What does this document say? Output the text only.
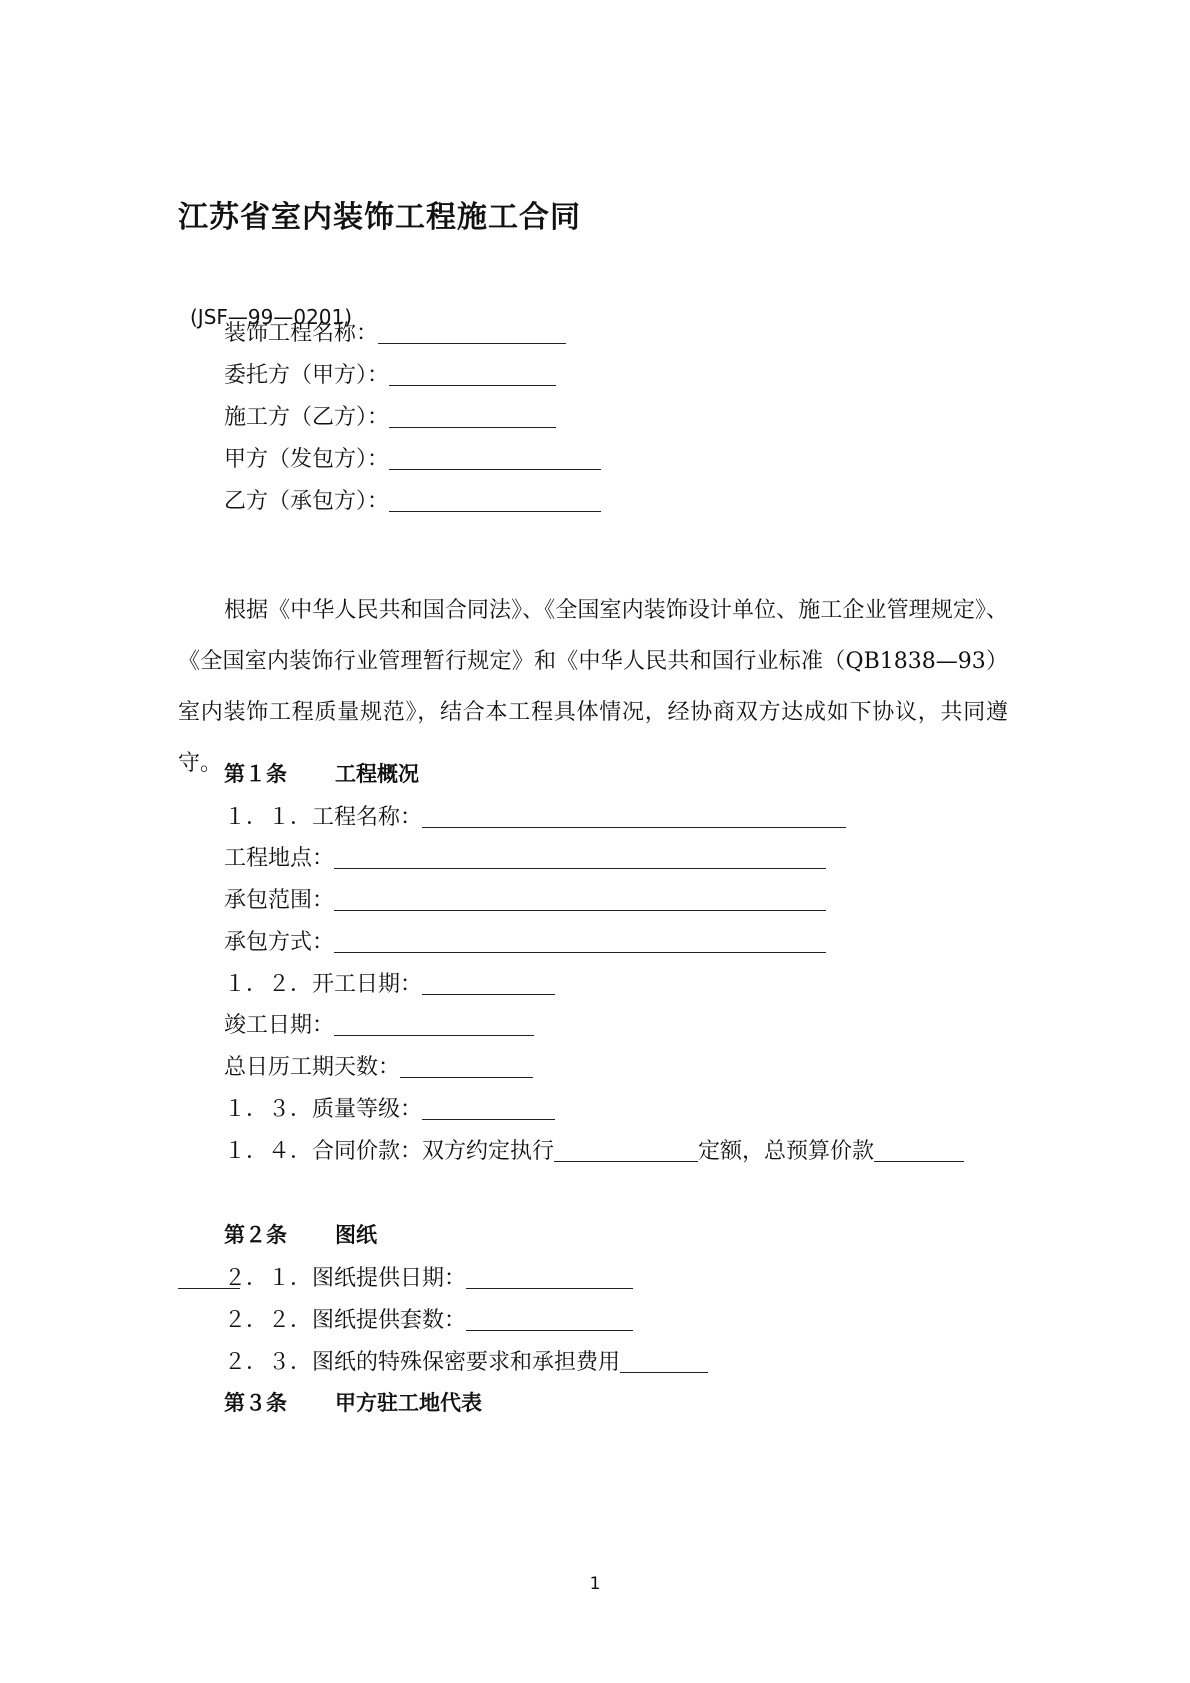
江苏省室内装饰工程施工合同
(JSF—99—0201)
装饰工程名称：
委托方（甲方）：
施工方（乙方）：
甲方（发包方）：
乙方（承包方）：
根据《中华人民共和国合同法》、《全国室内装饰设计单位、施工企业管理规定》、《全国室内装饰行业管理暂行规定》和《中华人民共和国行业标准（QB1838—93）室内装饰工程质量规范》，结合本工程具体情况，经协商双方达成如下协议，共同遵守。 第１条 工程概况
１．１．工程名称：
工程地点：
承包范围：
承包方式：
１．２．开工日期：
竣工日期：
总日历工期天数：
１．３．质量等级：
１．４．合同价款：双方约定执行	定额，总预算价款
第２条 图纸
２．１．图纸提供日期：
２．２．图纸提供套数：
２．３．图纸的特殊保密要求和承担费用
第３条 甲方驻工地代表
1
